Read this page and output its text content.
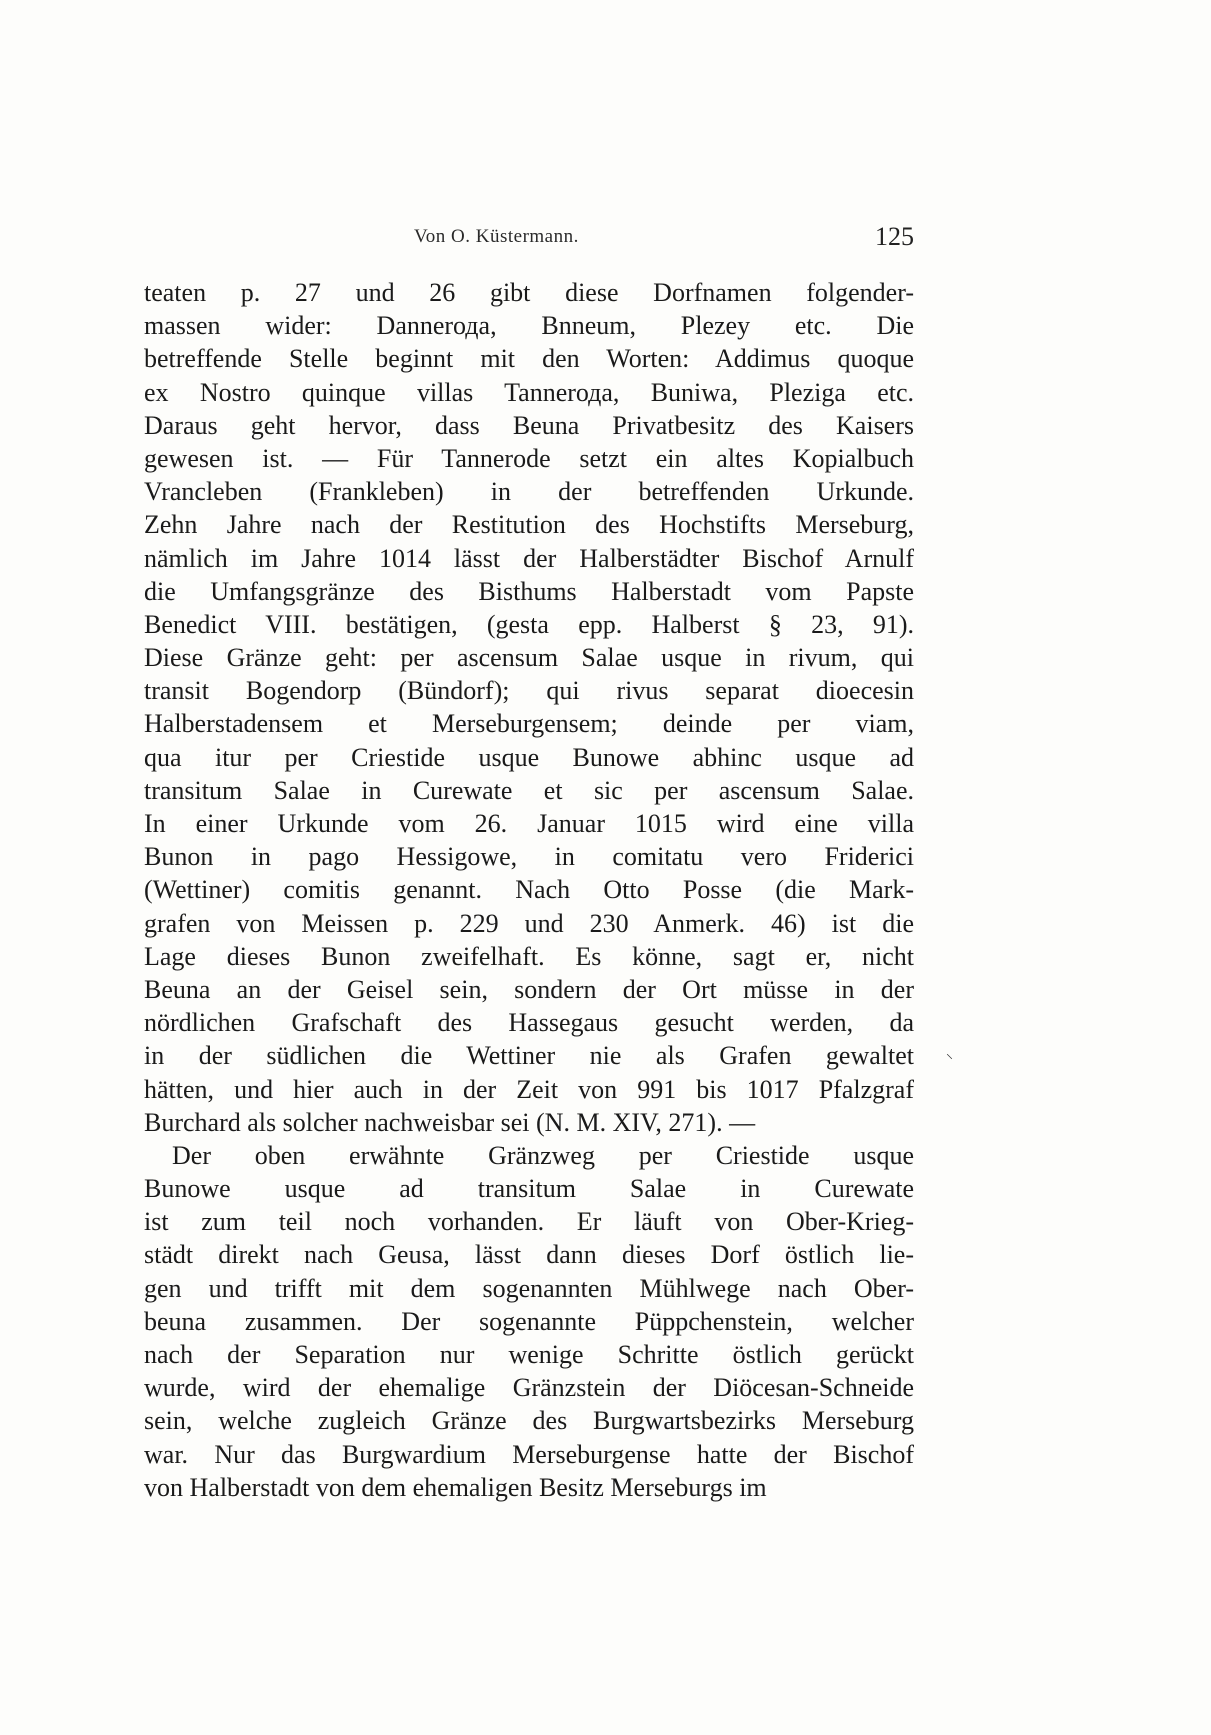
Von O. Küstermann.	125
teaten p. 27 und 26 gibt diese Dorfnamen folgender-
massen wider: Dannerода, Bnneum, Plezey etc. Die
betreffende Stelle beginnt mit den Worten: Addimus quoque
ex Nostro quinque villas Tannerода, Buniwa, Pleziga etc.
Daraus geht hervor, dass Beuna Privatbesitz des Kaisers
gewesen ist. — Für Tannerode setzt ein altes Kopialbuch
Vrancleben (Frankleben) in der betreffenden Urkunde.
Zehn Jahre nach der Restitution des Hochstifts Merseburg,
nämlich im Jahre 1014 lässt der Halberstädter Bischof Arnulf
die Umfangsgränze des Bisthums Halberstadt vom Papste
Benedict VIII. bestätigen, (gesta epp. Halberst § 23, 91).
Diese Gränze geht: per ascensum Salae usque in rivum, qui
transit Bogendorp (Bündorf); qui rivus separat dioecesin
Halberstadensem et Merseburgensem; deinde per viam,
qua itur per Criestide usque Bunowe abhinc usque ad
transitum Salae in Curewate et sic per ascensum Salae.
In einer Urkunde vom 26. Januar 1015 wird eine villa
Bunon in pago Hessigowe, in comitatu vero Friderici
(Wettiner) comitis genannt. Nach Otto Posse (die Mark-
grafen von Meissen p. 229 und 230 Anmerk. 46) ist die
Lage dieses Bunon zweifelhaft. Es könne, sagt er, nicht
Beuna an der Geisel sein, sondern der Ort müsse in der
nördlichen Grafschaft des Hassegaus gesucht werden, da
in der südlichen die Wettiner nie als Grafen gewaltet
hätten, und hier auch in der Zeit von 991 bis 1017 Pfalzgraf
Burchard als solcher nachweisbar sei (N. M. XIV, 271). —
Der oben erwähnte Gränzweg per Criestide usque
Bunowe usque ad transitum Salae in Curewate
ist zum teil noch vorhanden. Er läuft von Ober-Krieg-
städt direkt nach Geusa, lässt dann dieses Dorf östlich lie-
gen und trifft mit dem sogenannten Mühlwege nach Ober-
beuna zusammen. Der sogenannte Püppchenstein, welcher
nach der Separation nur wenige Schritte östlich gerückt
wurde, wird der ehemalige Gränzstein der Diöcesan-Schneide
sein, welche zugleich Gränze des Burgwartsbezirks Merseburg
war. Nur das Burgwardium Merseburgense hatte der Bischof
von Halberstadt von dem ehemaligen Besitz Merseburgs im
⸜
